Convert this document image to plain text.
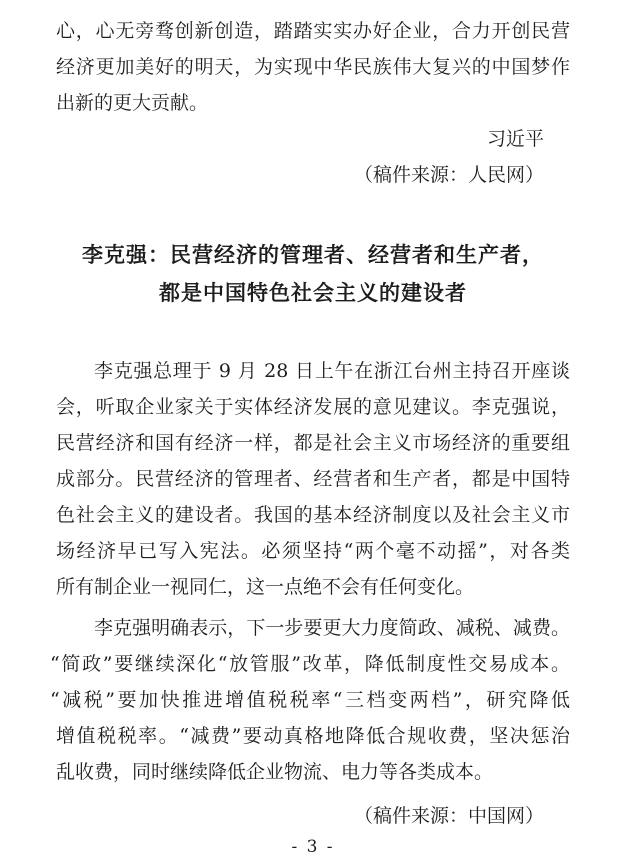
心，心无旁骛创新创造，踏踏实实办好企业，合力开创民营
经济更加美好的明天，为实现中华民族伟大复兴的中国梦作
出新的更大贡献。
习近平
（稿件来源：人民网）
李克强：民营经济的管理者、经营者和生产者，
都是中国特色社会主义的建设者
李克强总理于 9 月 28 日上午在浙江台州主持召开座谈
会，听取企业家关于实体经济发展的意见建议。李克强说，
民营经济和国有经济一样，都是社会主义市场经济的重要组
成部分。民营经济的管理者、经营者和生产者，都是中国特
色社会主义的建设者。我国的基本经济制度以及社会主义市
场经济早已写入宪法。必须坚持“两个毫不动摇”，对各类
所有制企业一视同仁，这一点绝不会有任何变化。
李克强明确表示，下一步要更大力度简政、减税、减费。
“简政”要继续深化“放管服”改革，降低制度性交易成本。
“减税”要加快推进增值税税率“三档变两档”，研究降低
增值税税率。“减费”要动真格地降低合规收费，坚决惩治
乱收费，同时继续降低企业物流、电力等各类成本。
（稿件来源：中国网）
- 3 -
